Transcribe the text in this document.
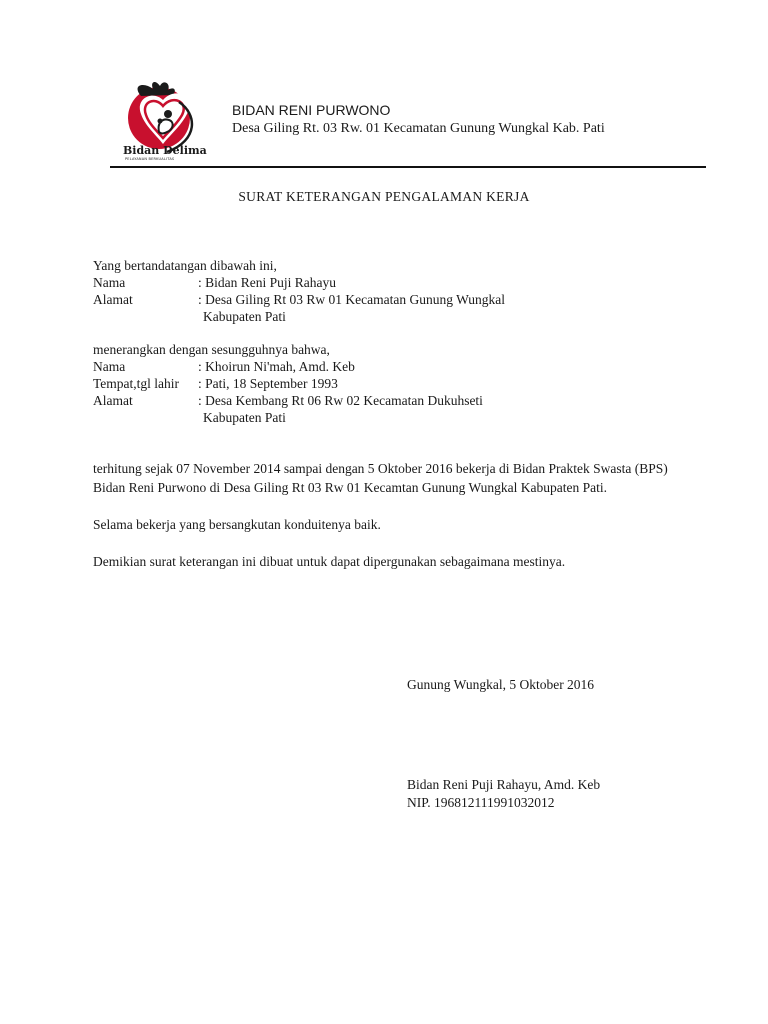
Bidan Delima
PELAYANAN BERKUALITAS
BIDAN RENI PURWONO
Desa Giling Rt. 03 Rw. 01 Kecamatan Gunung Wungkal Kab. Pati
SURAT KETERANGAN PENGALAMAN KERJA
Yang bertandatangan dibawah ini,
Nama	: Bidan Reni Puji Rahayu
Alamat	: Desa Giling Rt 03 Rw 01 Kecamatan Gunung Wungkal
Kabupaten Pati
menerangkan dengan sesungguhnya bahwa,
Nama	: Khoirun Ni'mah, Amd. Keb
Tempat,tgl lahir : Pati, 18 September 1993
Alamat	: Desa Kembang Rt 06 Rw 02 Kecamatan Dukuhseti
Kabupaten Pati

terhitung sejak 07 November 2014 sampai dengan 5 Oktober 2016 bekerja di Bidan Praktek Swasta (BPS) Bidan Reni Purwono di Desa Giling Rt 03 Rw 01 Kecamtan Gunung Wungkal Kabupaten Pati.

Selama bekerja yang bersangkutan konduitenya baik.

Demikian surat keterangan ini dibuat untuk dapat dipergunakan sebagaimana mestinya.

Gunung Wungkal, 5 Oktober 2016
Bidan Reni Puji Rahayu, Amd. Keb
NIP. 196812111991032012
